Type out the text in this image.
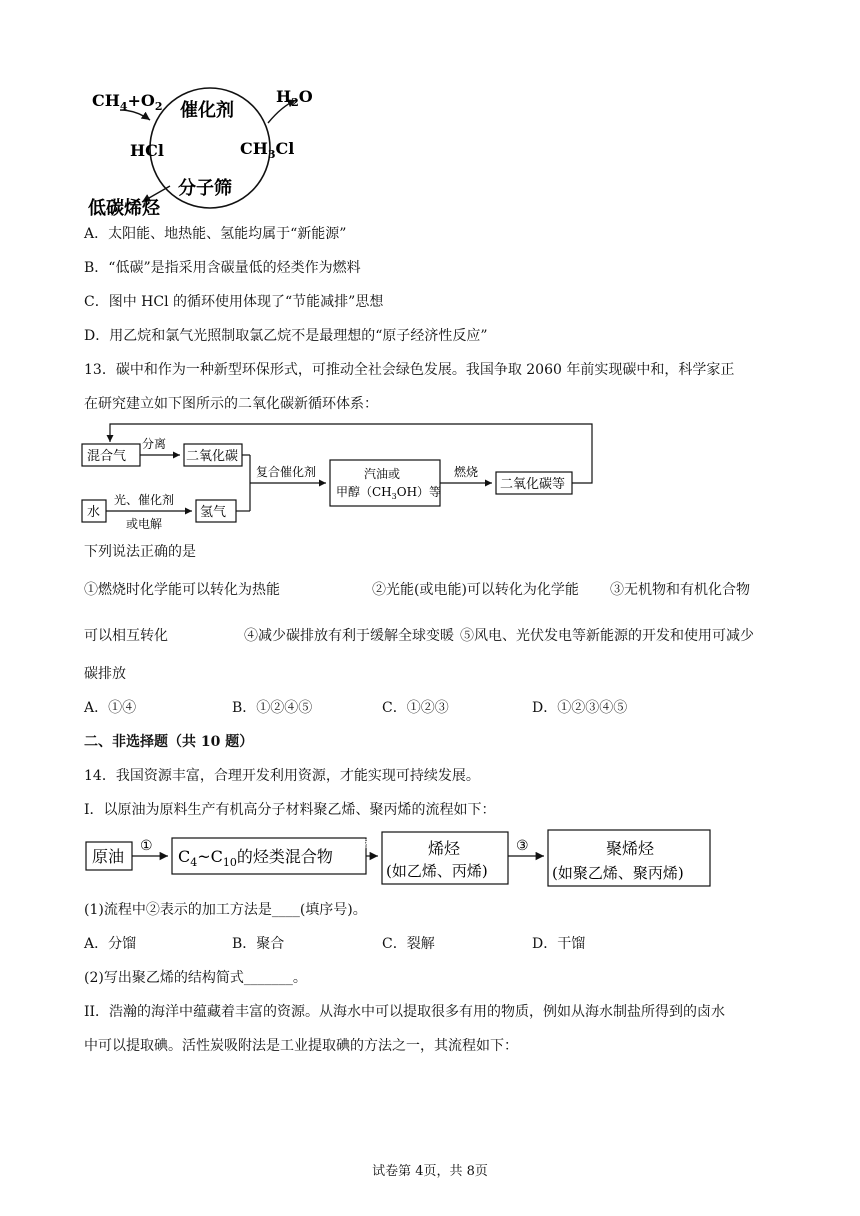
$CH_4+O_2$
$H_2O$
催化剂
HCl	$CH_3Cl$
分子筛
低碳烯烃
A．太阳能、地热能、氢能均属于“新能源”
B．“低碳”是指采用含碳量低的烃类作为燃料
C．图中 HCl 的循环使用体现了“节能减排”思想
D．用乙烷和氯气光照制取氯乙烷不是最理想的“原子经济性反应”
13．碳中和作为一种新型环保形式，可推动全社会绿色发展。我国争取 2060 年前实现碳中和，科学家正
在研究建立如下图所示的二氧化碳新循环体系：
混合气
分离
二氧化碳
水
光、催化剂
或电解
氢气
复合催化剂	汽油或
甲醇$(CH_3OH)$等
燃烧
二氧化碳等
下列说法正确的是
①燃烧时化学能可以转化为热能	②光能(或电能)可以转化为化学能 ③无机物和有机化合物
可以相互转化	④减少碳排放有利于缓解全球变暖 ⑤风电、光伏发电等新能源的开发和使用可减少
碳排放
A．①④	B．①②④⑤	C．①②③	D．①②③④⑤
二、非选择题（共 10 题）
14．我国资源丰富，合理开发利用资源，才能实现可持续发展。
I．以原油为原料生产有机高分子材料聚乙烯、聚丙烯的流程如下：
原油
①
$C_4\sim C_{10}$的烃类混合物
②	烯烃
(如乙烯、丙烯)
③	聚烯烃
(如聚乙烯、聚丙烯)
(1)流程中②表示的加工方法是____(填序号)。
A．分馏	B．聚合	C．裂解	D．干馏
(2)写出聚乙烯的结构简式_______。
II．浩瀚的海洋中蕴藏着丰富的资源。从海水中可以提取很多有用的物质，例如从海水制盐所得到的卤水
中可以提取碘。活性炭吸附法是工业提取碘的方法之一，其流程如下：
试卷第 4页，共 8页
